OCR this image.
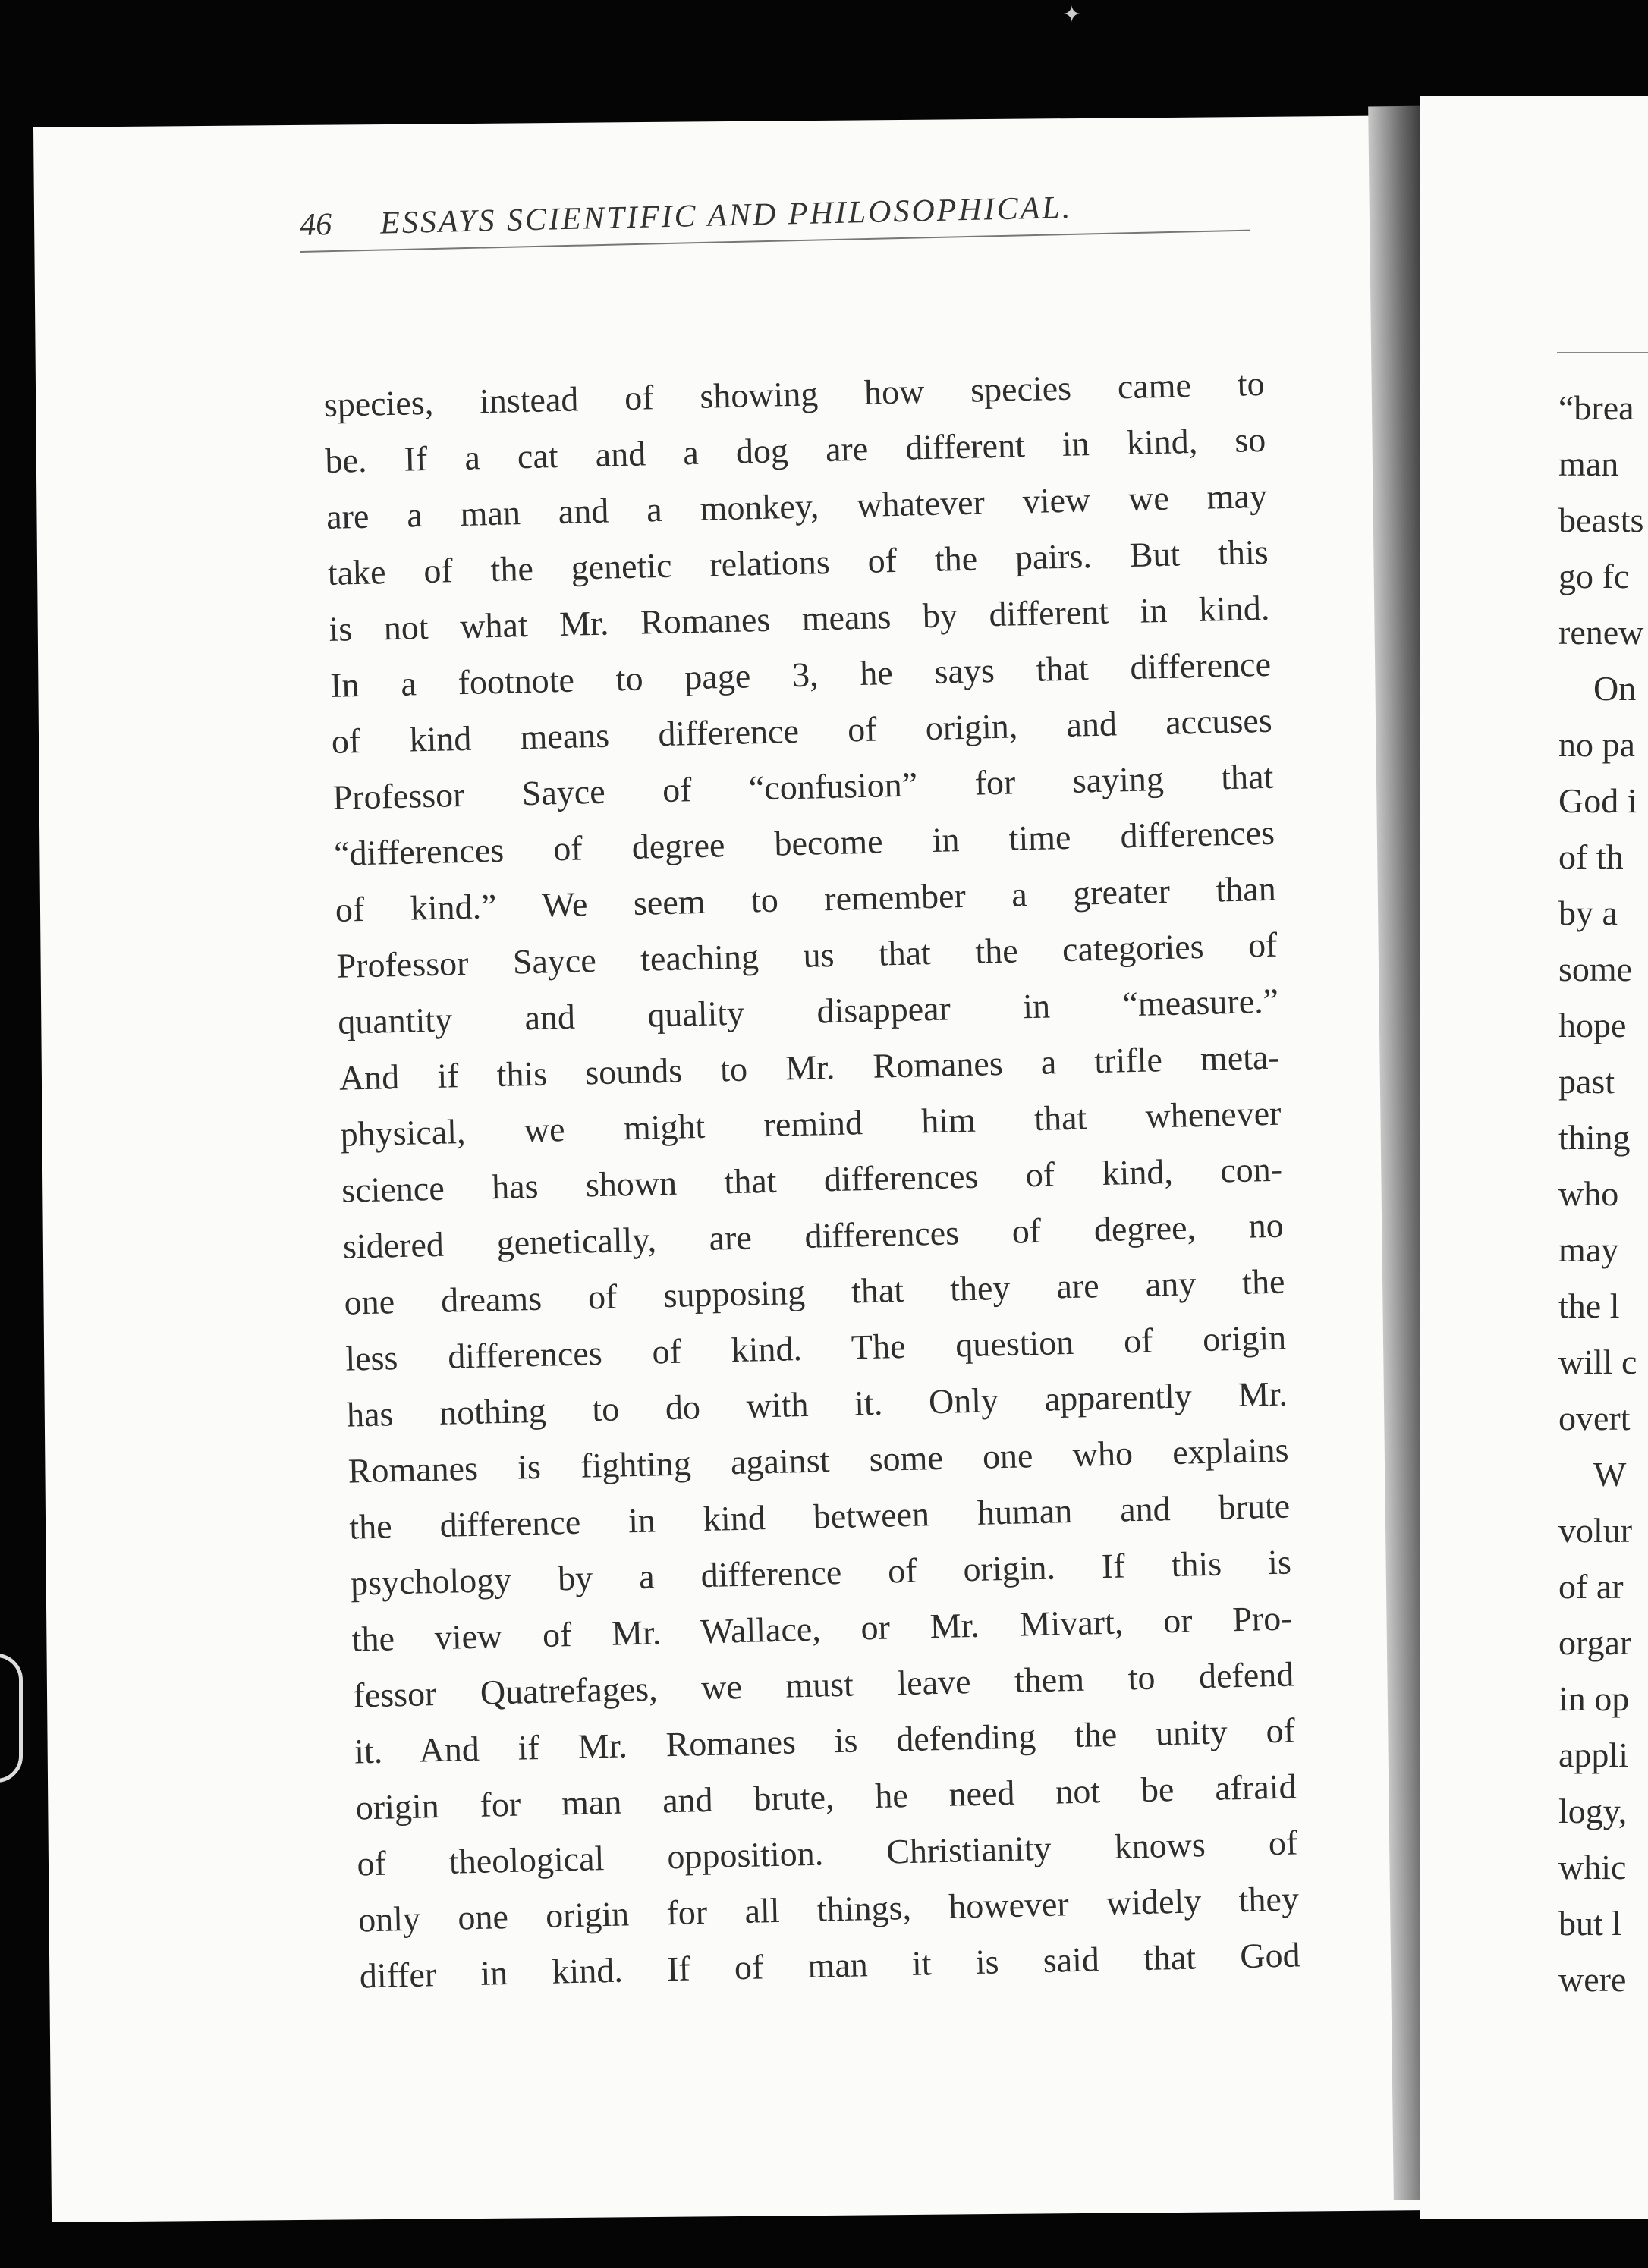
✦
46 ESSAYS SCIENTIFIC AND PHILOSOPHICAL.
species, instead of showing how species came to
be. If a cat and a dog are different in kind, so
are a man and a monkey, whatever view we may
take of the genetic relations of the pairs. But this
is not what Mr. Romanes means by different in kind.
In a footnote to page 3, he says that difference
of kind means difference of origin, and accuses
Professor Sayce of “confusion” for saying that
“differences of degree become in time differences
of kind.” We seem to remember a greater than
Professor Sayce teaching us that the categories of
quantity and quality disappear in “measure.”
And if this sounds to Mr. Romanes a trifle meta-
physical, we might remind him that whenever
science has shown that differences of kind, con-
sidered genetically, are differences of degree, no
one dreams of supposing that they are any the
less differences of kind. The question of origin
has nothing to do with it. Only apparently Mr.
Romanes is fighting against some one who explains
the difference in kind between human and brute
psychology by a difference of origin. If this is
the view of Mr. Wallace, or Mr. Mivart, or Pro-
fessor Quatrefages, we must leave them to defend
it. And if Mr. Romanes is defending the unity of
origin for man and brute, he need not be afraid
of theological opposition. Christianity knows of
only one origin for all things, however widely they
differ in kind. If of man it is said that God
“brea
man
beasts
go fc
renew
On
no pa
God i
of th
by a
some
hope
past
thing
who
may
the l
will c
overt
W
volur
of ar
orgar
in op
appli
logy,
whic
but l
were
